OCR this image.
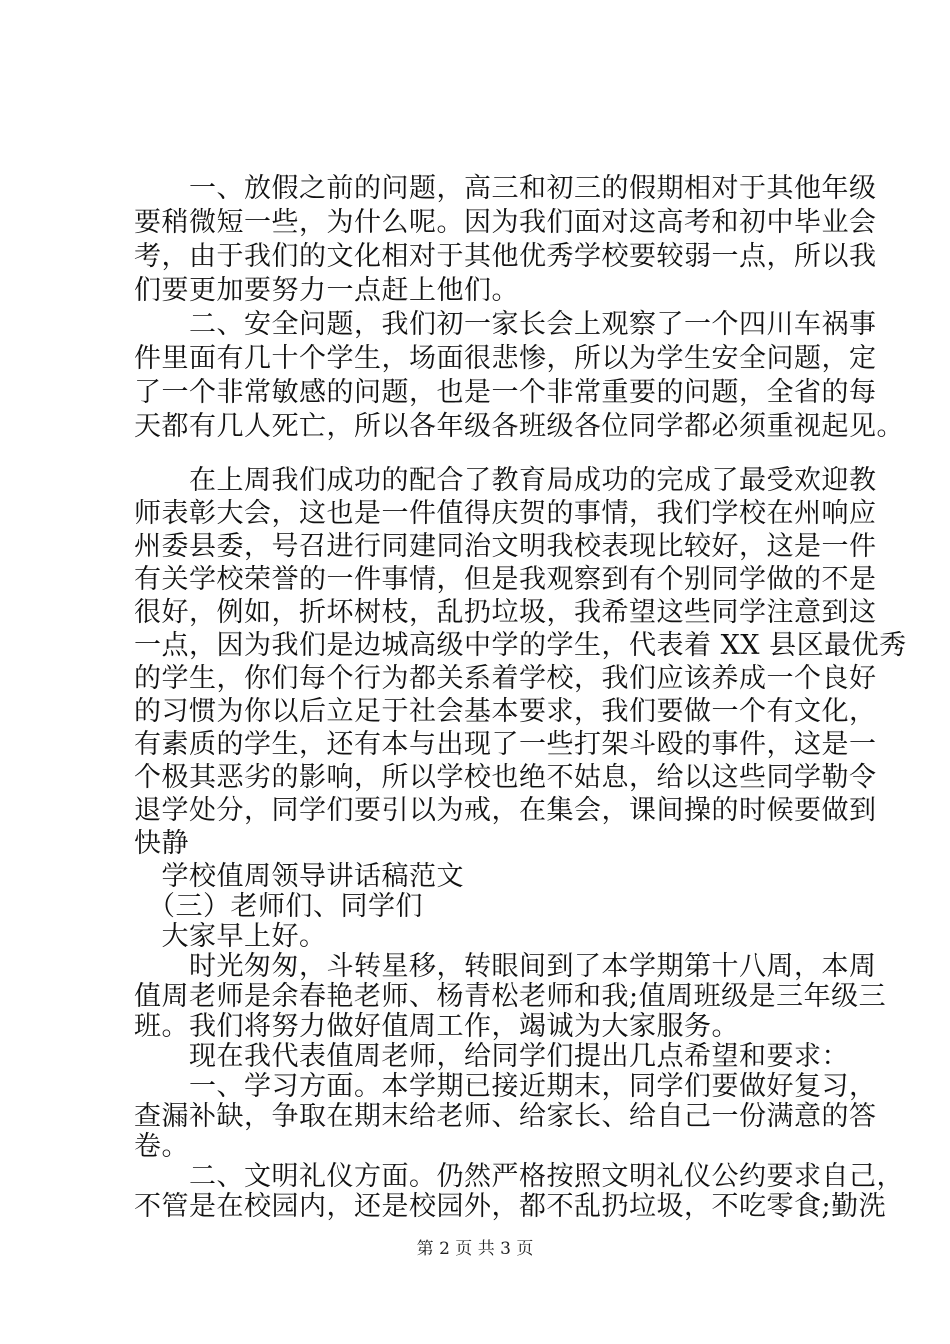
　　一、放假之前的问题，高三和初三的假期相对于其他年级
要稍微短一些，为什么呢。因为我们面对这高考和初中毕业会
考，由于我们的文化相对于其他优秀学校要较弱一点，所以我
们要更加要努力一点赶上他们。
　　二、安全问题，我们初一家长会上观察了一个四川车祸事
件里面有几十个学生，场面很悲惨，所以为学生安全问题，定
了一个非常敏感的问题，也是一个非常重要的问题，全省的每
天都有几人死亡，所以各年级各班级各位同学都必须重视起见。
　　在上周我们成功的配合了教育局成功的完成了最受欢迎教
师表彰大会，这也是一件值得庆贺的事情，我们学校在州响应
州委县委，号召进行同建同治文明我校表现比较好，这是一件
有关学校荣誉的一件事情，但是我观察到有个别同学做的不是
很好，例如，折坏树枝，乱扔垃圾，我希望这些同学注意到这
一点，因为我们是边城高级中学的学生，代表着 XX 县区最优秀
的学生，你们每个行为都关系着学校，我们应该养成一个良好
的习惯为你以后立足于社会基本要求，我们要做一个有文化，
有素质的学生，还有本与出现了一些打架斗殴的事件，这是一
个极其恶劣的影响，所以学校也绝不姑息，给以这些同学勒令
退学处分，同学们要引以为戒，在集会，课间操的时候要做到
快静
　学校值周领导讲话稿范文
　（三）老师们、同学们
　大家早上好。
　　时光匆匆，斗转星移，转眼间到了本学期第十八周，本周
值周老师是余春艳老师、杨青松老师和我;值周班级是三年级三
班。我们将努力做好值周工作，竭诚为大家服务。
　　现在我代表值周老师，给同学们提出几点希望和要求：
　　一、学习方面。本学期已接近期末，同学们要做好复习，
查漏补缺，争取在期末给老师、给家长、给自己一份满意的答
卷。
　　二、文明礼仪方面。仍然严格按照文明礼仪公约要求自己，
不管是在校园内，还是校园外，都不乱扔垃圾，不吃零食;勤洗
第 2 页 共 3 页
